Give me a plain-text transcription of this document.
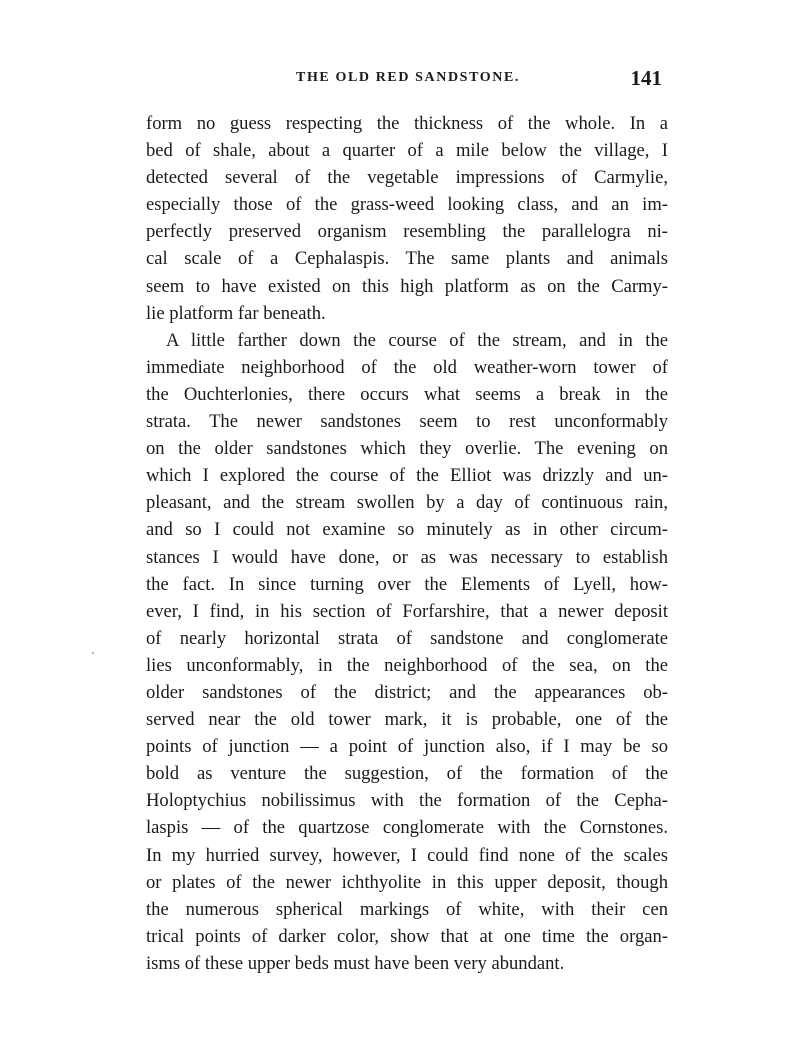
THE OLD RED SANDSTONE.	141
form no guess respecting the thickness of the whole. In a
bed of shale, about a quarter of a mile below the village, I
detected several of the vegetable impressions of Carmylie,
especially those of the grass-weed looking class, and an im-
perfectly preserved organism resembling the parallelogra ni-
cal scale of a Cephalaspis. The same plants and animals
seem to have existed on this high platform as on the Carmy-
lie platform far beneath.
A little farther down the course of the stream, and in the
immediate neighborhood of the old weather-worn tower of
the Ouchterlonies, there occurs what seems a break in the
strata. The newer sandstones seem to rest unconformably
on the older sandstones which they overlie. The evening on
which I explored the course of the Elliot was drizzly and un-
pleasant, and the stream swollen by a day of continuous rain,
and so I could not examine so minutely as in other circum-
stances I would have done, or as was necessary to establish
the fact. In since turning over the Elements of Lyell, how-
ever, I find, in his section of Forfarshire, that a newer deposit
of nearly horizontal strata of sandstone and conglomerate
lies unconformably, in the neighborhood of the sea, on the
older sandstones of the district; and the appearances ob-
served near the old tower mark, it is probable, one of the
points of junction — a point of junction also, if I may be so
bold as venture the suggestion, of the formation of the
Holoptychius nobilissimus with the formation of the Cepha-
laspis — of the quartzose conglomerate with the Cornstones.
In my hurried survey, however, I could find none of the scales
or plates of the newer ichthyolite in this upper deposit, though
the numerous spherical markings of white, with their cen
trical points of darker color, show that at one time the organ-
isms of these upper beds must have been very abundant.
